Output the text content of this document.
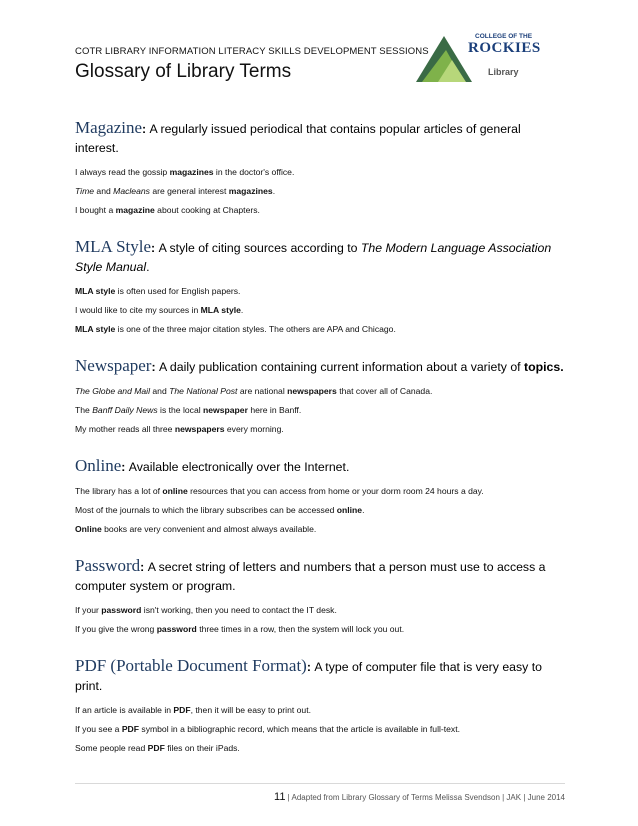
COTR LIBRARY INFORMATION LITERACY SKILLS DEVELOPMENT SESSIONS
Glossary of Library Terms
COLLEGE OF THE
ROCKIES
Library

Magazine: A regularly issued periodical that contains popular articles of general interest.

I always read the gossip magazines in the doctor's office.

Time and Macleans are general interest magazines.

I bought a magazine about cooking at Chapters.

MLA Style: A style of citing sources according to The Modern Language Association Style Manual.

MLA style is often used for English papers.

I would like to cite my sources in MLA style.

MLA style is one of the three major citation styles. The others are APA and Chicago.

Newspaper: A daily publication containing current information about a variety of topics.

The Globe and Mail and The National Post are national newspapers that cover all of Canada.

The Banff Daily News is the local newspaper here in Banff.

My mother reads all three newspapers every morning.

Online: Available electronically over the Internet.

The library has a lot of online resources that you can access from home or your dorm room 24 hours a day.

Most of the journals to which the library subscribes can be accessed online.

Online books are very convenient and almost always available.

Password: A secret string of letters and numbers that a person must use to access a computer system or program.

If your password isn't working, then you need to contact the IT desk.

If you give the wrong password three times in a row, then the system will lock you out.

PDF (Portable Document Format): A type of computer file that is very easy to print.

If an article is available in PDF, then it will be easy to print out.

If you see a PDF symbol in a bibliographic record, which means that the article is available in full-text.

Some people read PDF files on their iPads.

11 | Adapted from Library Glossary of Terms Melissa Svendson | JAK | June 2014
